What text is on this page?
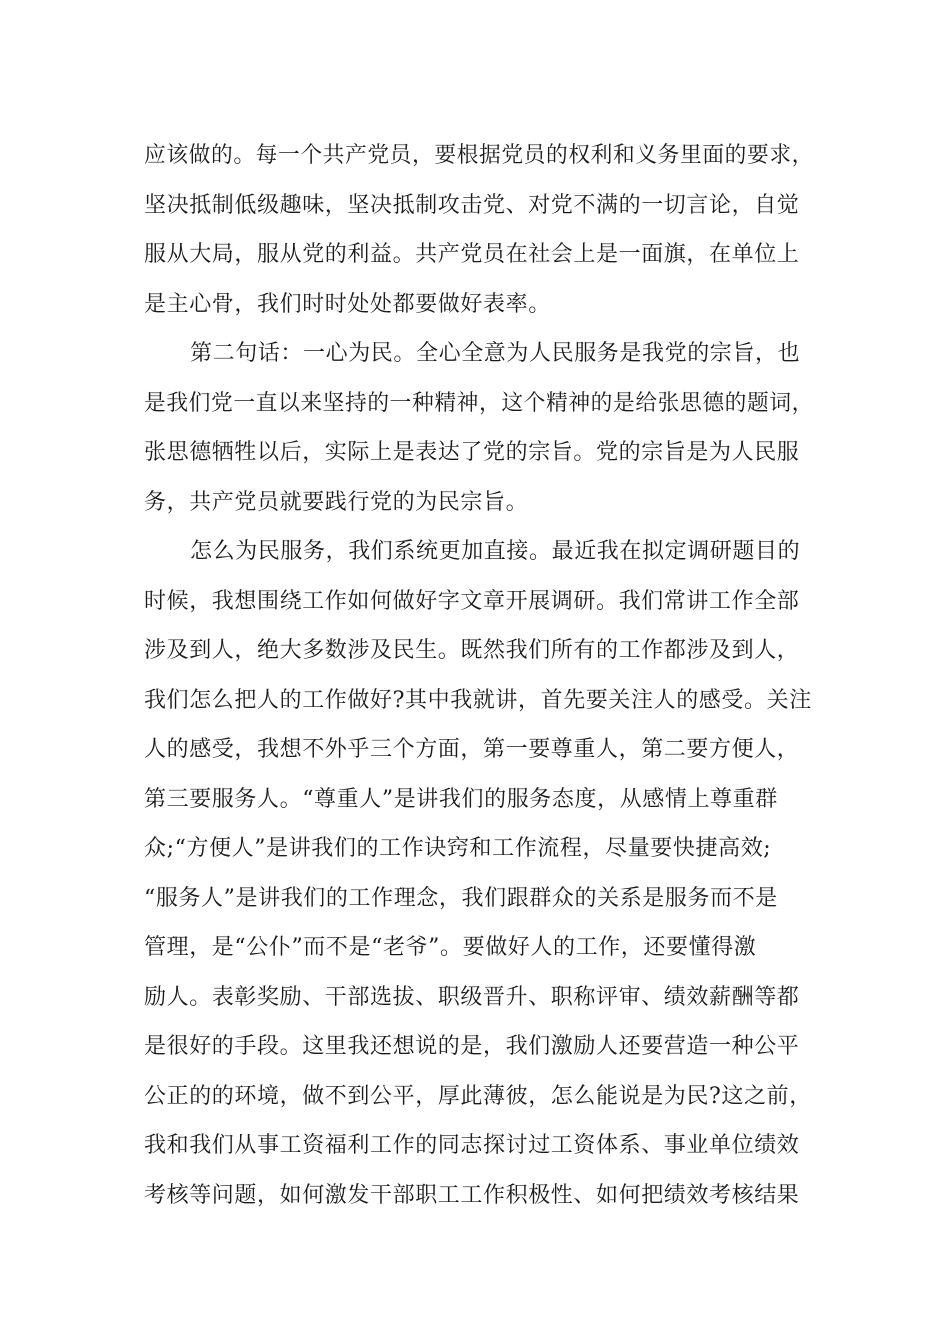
应该做的。每一个共产党员，要根据党员的权利和义务里面的要求，
坚决抵制低级趣味，坚决抵制攻击党、对党不满的一切言论，自觉
服从大局，服从党的利益。共产党员在社会上是一面旗，在单位上
是主心骨，我们时时处处都要做好表率。
第二句话：一心为民。全心全意为人民服务是我党的宗旨，也
是我们党一直以来坚持的一种精神，这个精神的是给张思德的题词，
张思德牺牲以后，实际上是表达了党的宗旨。党的宗旨是为人民服
务，共产党员就要践行党的为民宗旨。
怎么为民服务，我们系统更加直接。最近我在拟定调研题目的
时候，我想围绕工作如何做好字文章开展调研。我们常讲工作全部
涉及到人，绝大多数涉及民生。既然我们所有的工作都涉及到人，
我们怎么把人的工作做好?其中我就讲，首先要关注人的感受。关注
人的感受，我想不外乎三个方面，第一要尊重人，第二要方便人，
第三要服务人。“尊重人”是讲我们的服务态度，从感情上尊重群
众;“方便人”是讲我们的工作诀窍和工作流程，尽量要快捷高效;
“服务人”是讲我们的工作理念，我们跟群众的关系是服务而不是
管理，是“公仆”而不是“老爷”。要做好人的工作，还要懂得激
励人。表彰奖励、干部选拔、职级晋升、职称评审、绩效薪酬等都
是很好的手段。这里我还想说的是，我们激励人还要营造一种公平
公正的的环境，做不到公平，厚此薄彼，怎么能说是为民?这之前，
我和我们从事工资福利工作的同志探讨过工资体系、事业单位绩效
考核等问题，如何激发干部职工工作积极性、如何把绩效考核结果
